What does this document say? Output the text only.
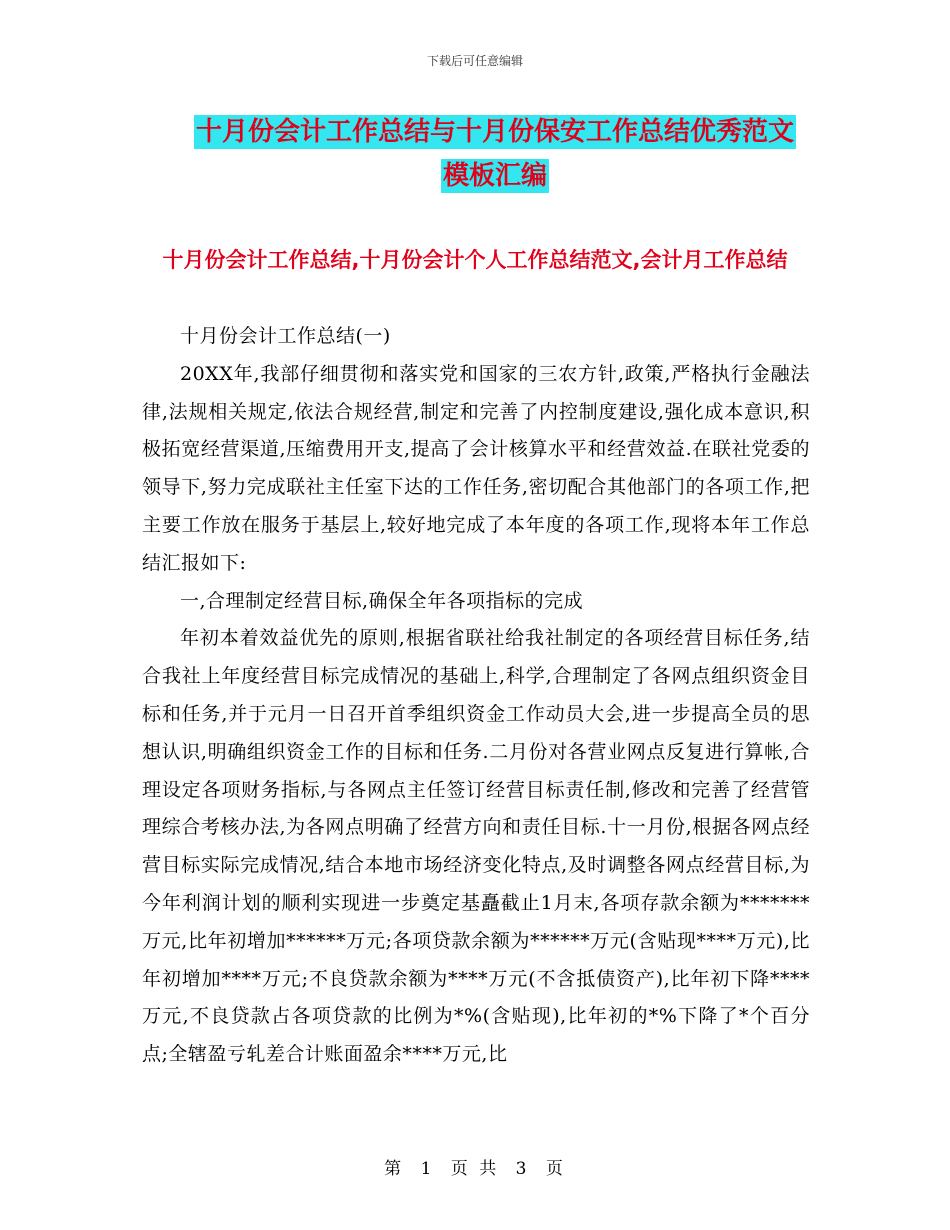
下载后可任意编辑
十月份会计工作总结与十月份保安工作总结优秀范文
模板汇编
十月份会计工作总结,十月份会计个人工作总结范文,会计月工作总结

十月份会计工作总结(一)

20XX年,我部仔细贯彻和落实党和国家的三农方针,政策,严格执行金融法律,法规相关规定,依法合规经营,制定和完善了内控制度建设,强化成本意识,积极拓宽经营渠道,压缩费用开支,提高了会计核算水平和经营效益.在联社党委的领导下,努力完成联社主任室下达的工作任务,密切配合其他部门的各项工作,把主要工作放在服务于基层上,较好地完成了本年度的各项工作,现将本年工作总结汇报如下:

一,合理制定经营目标,确保全年各项指标的完成

年初本着效益优先的原则,根据省联社给我社制定的各项经营目标任务,结合我社上年度经营目标完成情况的基础上,科学,合理制定了各网点组织资金目标和任务,并于元月一日召开首季组织资金工作动员大会,进一步提高全员的思想认识,明确组织资金工作的目标和任务.二月份对各营业网点反复进行算帐,合理设定各项财务指标,与各网点主任签订经营目标责任制,修改和完善了经营管理综合考核办法,为各网点明确了经营方向和责任目标.十一月份,根据各网点经营目标实际完成情况,结合本地市场经济变化特点,及时调整各网点经营目标,为今年利润计划的顺利实现进一步奠定基矗截止1月末,各项存款余额为******* 万元,比年初增加******万元;各项贷款余额为******万元(含贴现****万元),比年初增加****万元;不良贷款余额为****万元(不含抵债资产),比年初下降****万元,不良贷款占各项贷款的比例为*%(含贴现),比年初的*%下降了*个百分点;全辖盈亏轧差合计账面盈余****万元,比

第 1 页 共 3 页
